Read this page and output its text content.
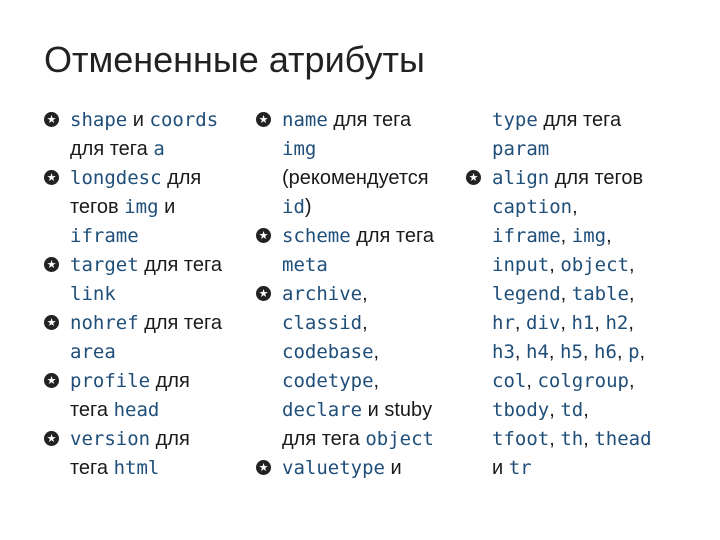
Отмененные атрибуты
★ shape и coords
для тега a
★ longdesc для
тегов img и
iframe
★ target для тега
link
★ nohref для тега
area
★ profile для
тега head
★ version для
тега html
★ name для тега
img
(рекомендуется
id)
★ scheme для тега
meta
★ archive,
classid,
codebase,
codetype,
declare и stuby
для тега object
★ valuetype и
type для тега
param
★ align для тегов
caption,
iframe, img,
input, object,
legend, table,
hr, div, h1, h2,
h3, h4, h5, h6, p,
col, colgroup,
tbody, td,
tfoot, th, thead
и tr
